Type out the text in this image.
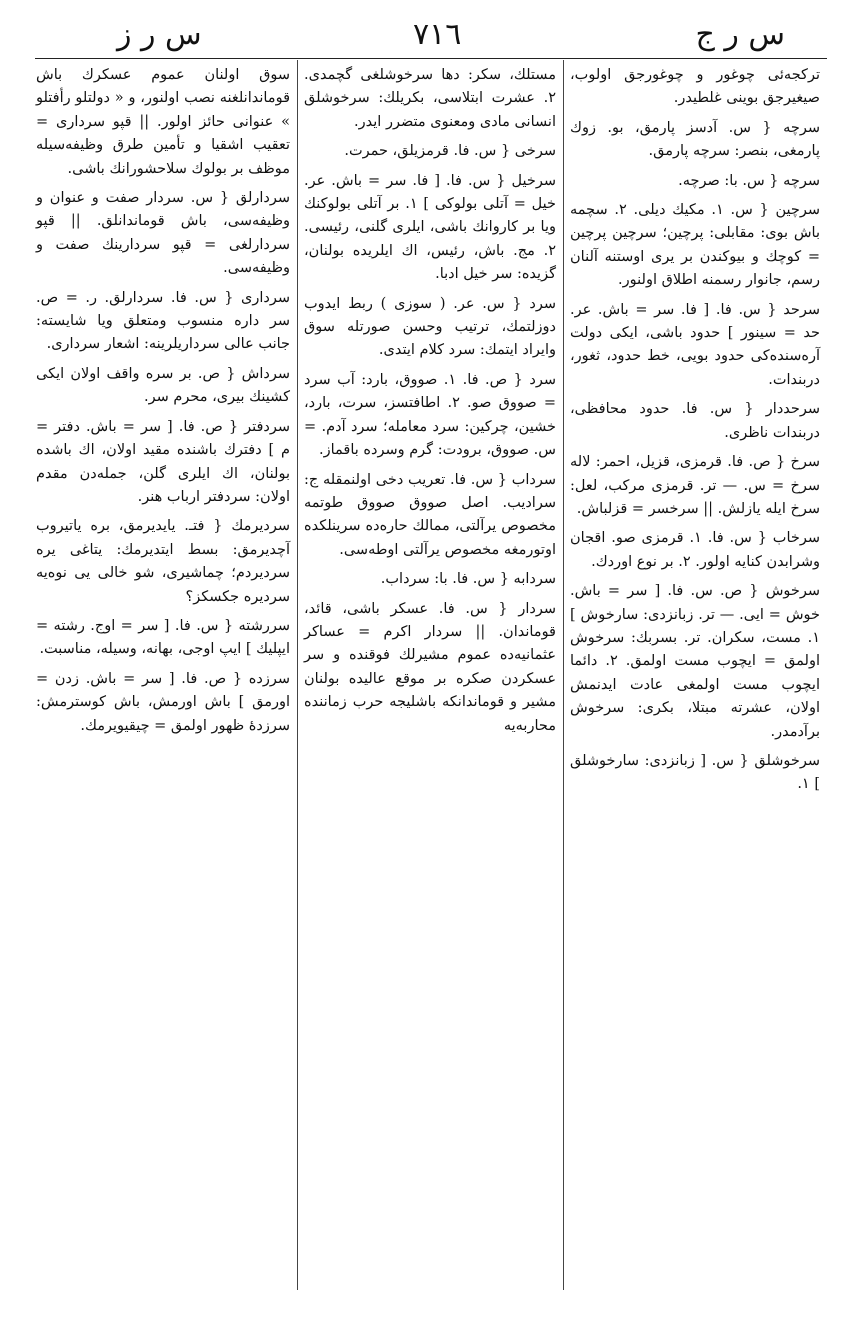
س ر ز	٧١٦	س ر ج
ترکجه‌ئی چوغور و چوغورجق اولوب، صیغیرجق بوینی غلطیدر.
سرچه { س. آدسز پارمق، بو. زوك پارمغی، بنصر: سرچه پارمق.
سرچه { س. با: صرچه.
سرچین { س. ۱. مکیك دیلی. ۲. سچمه باش بوی: مقابلی: پرچین؛ سرچین پرچین = کوچك و بیوکندن بر یری اوستنه آلنان رسم، جانوار رسمنه اطلاق اولنور.
سرحد { س. فا. [ فا. سر = باش. عر. حد = سینور ] حدود باشی، ایکی دولت آره‌سنده‌کی حدود بویی، خط حدود، ثغور، دربندات.
سرحددار { س. فا. حدود محافظی، دربندات ناظری.
سرخ { ص. فا. قرمزی، قزیل، احمر: لاله سرخ = س. — تر. قرمزی مرکب، لعل: سرخ ایله یازلش. || سرخسر = قزلباش.
سرخاب { س. فا. ۱. قرمزی صو. اقجان وشرابدن کنایه اولور. ۲. بر نوع اوردك.
سرخوش { ص. س. فا. [ سر = باش. خوش = ایی. — تر. زبانزدی: سارخوش ] ۱. مست، سکران. تر. بسربك: سرخوش اولمق = ایچوب مست اولمق. ۲. دائما ایچوب مست اولمغی عادت ایدنمش اولان، عشرته مبتلا، بکری: سرخوش برآدمدر.
سرخوشلق { س. [ زبانزدی: سارخوشلق ] ۱.
مستلك، سکر: دها سرخوشلغی گچمدی. ۲. عشرت ابتلاسی، بکریلك: سرخوشلق انسانی مادی ومعنوی متضرر ایدر.
سرخی { س. فا. قرمزیلق، حمرت.
سرخیل { س. فا. [ فا. سر = باش. عر. خیل = آتلی بولوکی ] ۱. بر آتلی بولوکنك ویا بر کاروانك باشی، ایلری گلنی، رئیسی. ۲. مج. باش، رئیس، اك ایلریده بولنان، گزیده: سر خیل ادبا.
سرد { س. عر. ( سوزی ) ربط ایدوب دوزلتمك، ترتیب وحسن صورتله سوق وایراد ایتمك: سرد کلام ایتدی.
سرد { ص. فا. ۱. صووق، بارد: آب سرد = صووق صو. ۲. اطافتسز، سرت، بارد، خشین، چرکین: سرد معامله؛ سرد آدم. = س. صووق، برودت: گرم وسرده باقماز.
سرداب { س. فا. تعریب دخی اولنمقله ج: سرادیب. اصل صووق صووق طوتمه مخصوص یرآلتی، ممالك حاره‌ده سرینلکده اوتورمغه مخصوص یرآلتی اوطه‌سی.
سردابه { س. فا. با: سرداب.
سردار { س. فا. عسکر باشی، قائد، قوماندان. || سردار اکرم = عساکر عثمانیه‌ده عموم مشیرلك فوقنده و سر عسکردن صکره بر موقع عالیده بولنان مشیر و قوماندانکه باشلیجه حرب زماننده محاربه‌یه
سوق اولنان عموم عسکرك باش قوماندانلغنه نصب اولنور، و « دولتلو رأفتلو » عنوانی حائز اولور. || قپو سرداری = تعقیب اشقیا و تأمین طرق وظیفه‌سیله موظف بر بولوك سلاحشورانك باشی.
سردارلق { س. سردار صفت و عنوان و وظیفه‌سی، باش قوماندانلق. || قپو سردارلغی = قپو سردارینك صفت و وظیفه‌سی.
سرداری { س. فا. سردارلق. ر. = ص. سر داره منسوب ومتعلق ویا شایسته: جانب عالی سرداریلرینه: اشعار سرداری.
سرداش { ص. بر سره واقف اولان ایکی کشینك بیری، محرم سر.
سردفتر { ص. فا. [ سر = باش. دفتر = م ] دفترك باشنده مقید اولان، اك باشده بولنان، اك ایلری گلن، جمله‌دن مقدم اولان: سردفتر ارباب هنر.
سردیرمك { فتـ. یایدیرمق، بره یاتیروب آچدیرمق: بسط ایتدیرمك: یتاغی یره سردیردم؛ چماشیری، شو خالی یی نوه‌یه سردیره جکسکز؟
سررشته { س. فا. [ سر = اوج. رشته = ایپلیك ] ایپ اوجی، بهانه، وسیله، مناسبت.
سرزده { ص. فا. [ سر = باش. زدن = اورمق ] باش اورمش، باش کوسترمش: سرزدهٔ ظهور اولمق = چیقیویرمك.
